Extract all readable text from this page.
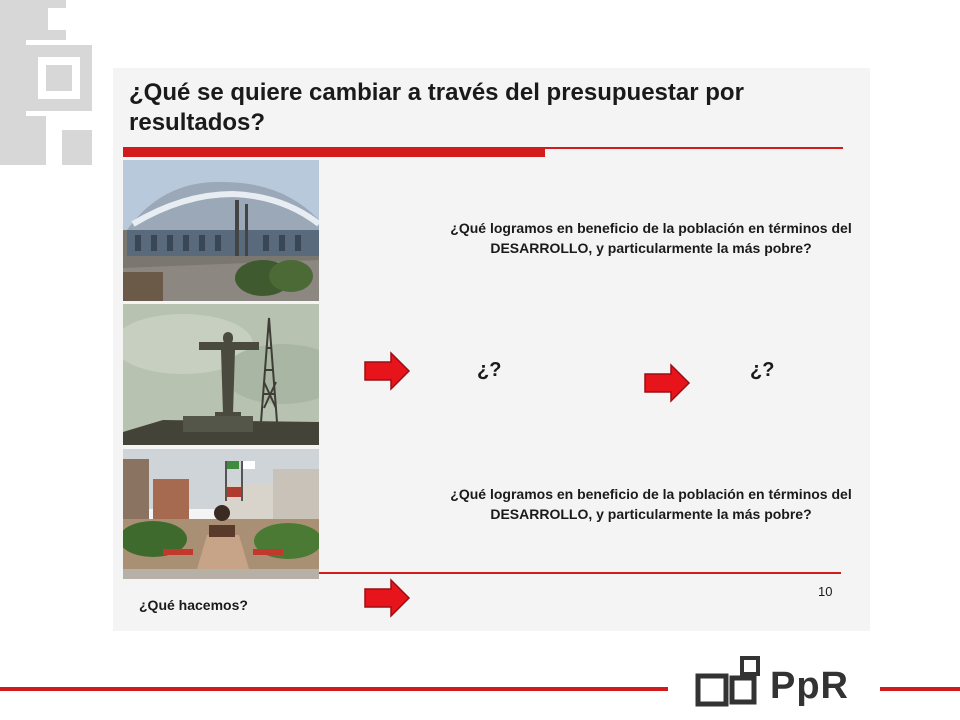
¿Qué se quiere cambiar a través del presupuestar por resultados?

¿Qué logramos en beneficio de la población en términos del DESARROLLO, y particularmente la más pobre?

¿?	¿?

¿Qué logramos en beneficio de la población en términos del DESARROLLO, y particularmente la más pobre?

10
¿Qué hacemos?
PpR
